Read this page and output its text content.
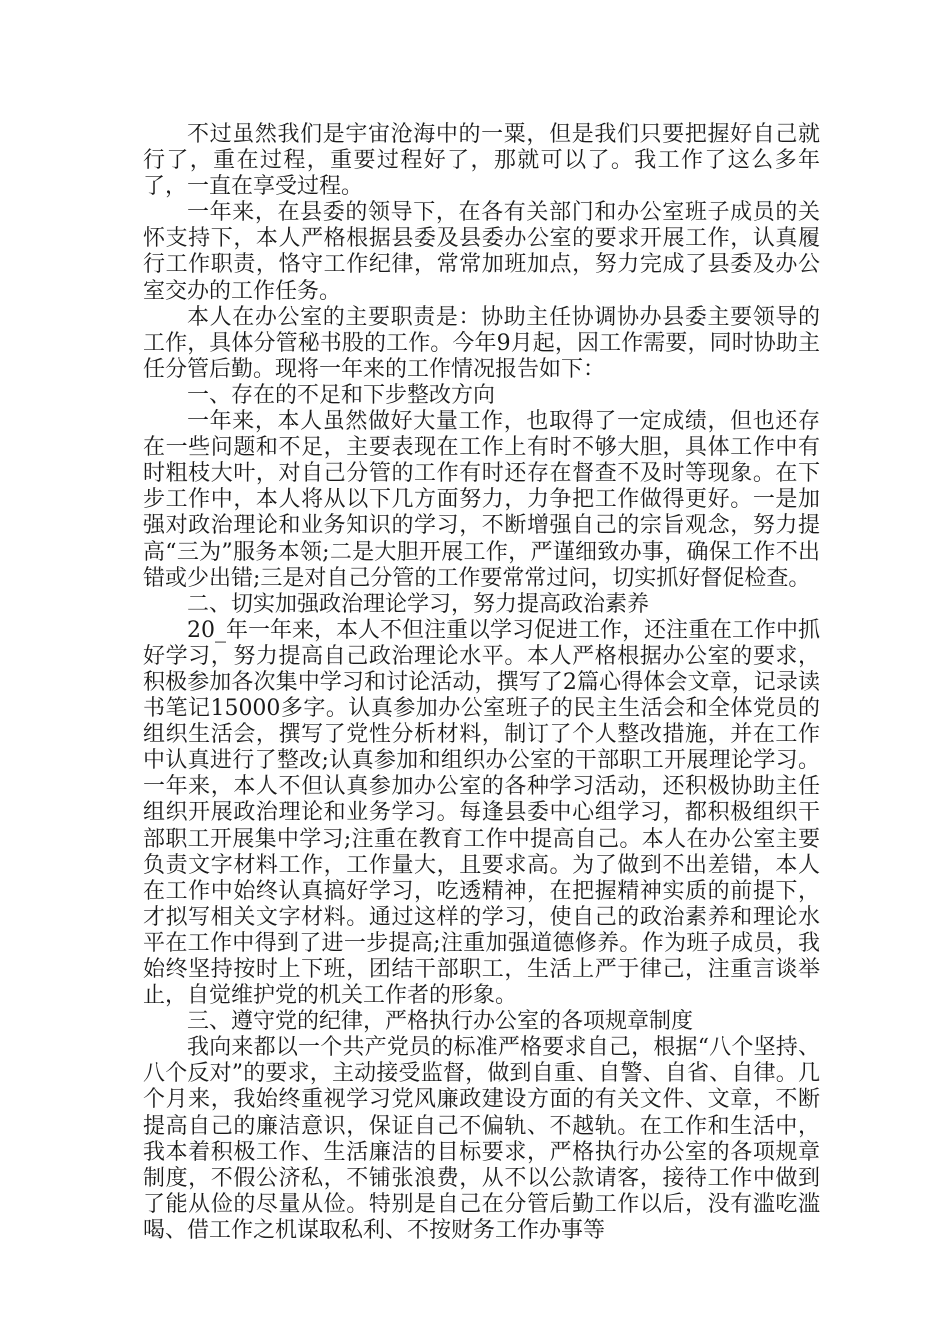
不过虽然我们是宇宙沧海中的一粟，但是我们只要把握好自己就行了，重在过程，重要过程好了，那就可以了。我工作了这么多年了，一直在享受过程。

一年来，在县委的领导下，在各有关部门和办公室班子成员的关怀支持下，本人严格根据县委及县委办公室的要求开展工作，认真履行工作职责，恪守工作纪律，常常加班加点，努力完成了县委及办公室交办的工作任务。

本人在办公室的主要职责是：协助主任协调协办县委主要领导的工作，具体分管秘书股的工作。今年9月起，因工作需要，同时协助主任分管后勤。现将一年来的工作情况报告如下：

一、存在的不足和下步整改方向

一年来，本人虽然做好大量工作，也取得了一定成绩，但也还存在一些问题和不足，主要表现在工作上有时不够大胆，具体工作中有时粗枝大叶，对自己分管的工作有时还存在督查不及时等现象。在下步工作中，本人将从以下几方面努力，力争把工作做得更好。一是加强对政治理论和业务知识的学习，不断增强自己的宗旨观念，努力提高“三为”服务本领;二是大胆开展工作，严谨细致办事，确保工作不出错或少出错;三是对自己分管的工作要常常过问，切实抓好督促检查。

二、切实加强政治理论学习，努力提高政治素养

20_年一年来，本人不但注重以学习促进工作，还注重在工作中抓好学习，努力提高自己政治理论水平。本人严格根据办公室的要求，积极参加各次集中学习和讨论活动，撰写了2篇心得体会文章，记录读书笔记15000多字。认真参加办公室班子的民主生活会和全体党员的组织生活会，撰写了党性分析材料，制订了个人整改措施，并在工作中认真进行了整改;认真参加和组织办公室的干部职工开展理论学习。一年来，本人不但认真参加办公室的各种学习活动，还积极协助主任组织开展政治理论和业务学习。每逢县委中心组学习，都积极组织干部职工开展集中学习;注重在教育工作中提高自己。本人在办公室主要负责文字材料工作，工作量大，且要求高。为了做到不出差错，本人在工作中始终认真搞好学习，吃透精神，在把握精神实质的前提下，才拟写相关文字材料。通过这样的学习，使自己的政治素养和理论水平在工作中得到了进一步提高;注重加强道德修养。作为班子成员，我始终坚持按时上下班，团结干部职工，生活上严于律己，注重言谈举止，自觉维护党的机关工作者的形象。

三、遵守党的纪律，严格执行办公室的各项规章制度

我向来都以一个共产党员的标准严格要求自己，根据“八个坚持、八个反对”的要求，主动接受监督，做到自重、自警、自省、自律。几个月来，我始终重视学习党风廉政建设方面的有关文件、文章，不断提高自己的廉洁意识，保证自己不偏轨、不越轨。在工作和生活中，我本着积极工作、生活廉洁的目标要求，严格执行办公室的各项规章制度，不假公济私，不铺张浪费，从不以公款请客，接待工作中做到了能从俭的尽量从俭。特别是自己在分管后勤工作以后，没有滥吃滥喝、借工作之机谋取私利、不按财务工作办事等
